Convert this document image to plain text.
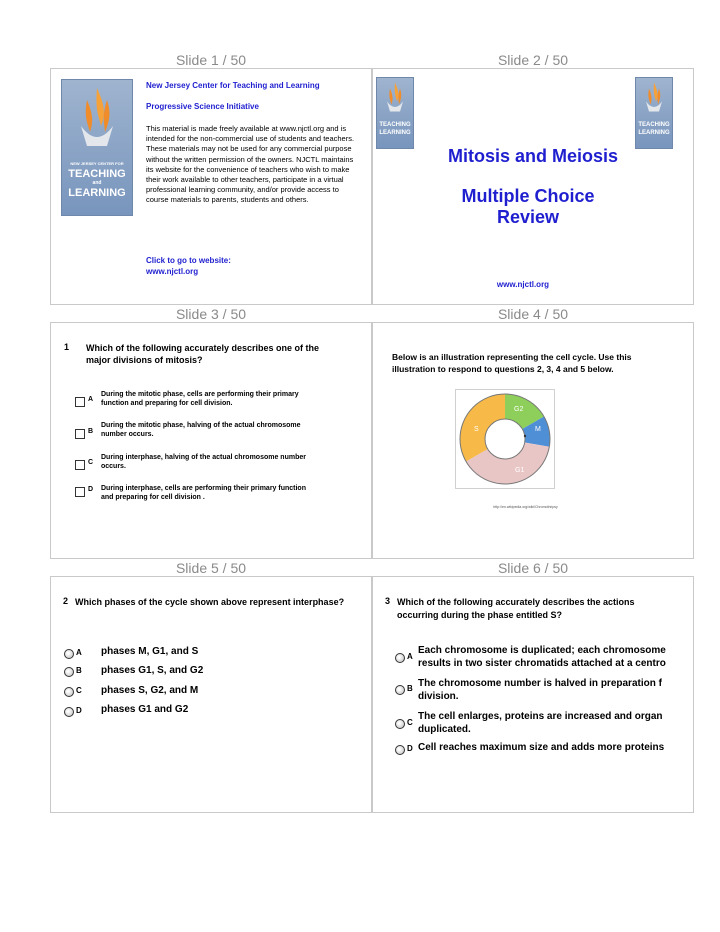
Slide 1 / 50	Slide 2 / 50
Slide 3 / 50	Slide 4 / 50
Slide 5 / 50	Slide 6 / 50
NEW JERSEY CENTER FOR
TEACHING
and
LEARNING
New Jersey Center for Teaching and Learning
Progressive Science Initiative
This material is made freely available at www.njctl.org and is intended for the non-commercial use of students and teachers. These materials may not be used for any commercial purpose without the written permission of the owners. NJCTL maintains its website for the convenience of teachers who wish to make their work available to other teachers, participate in a virtual professional learning community, and/or provide access to course materials to parents, students and others.
Click to go to website:
www.njctl.org
TEACHING
LEARNING
TEACHING
LEARNING
Mitosis and Meiosis
Multiple Choice
Review
www.njctl.org
1 Which of the following accurately describes one of the major divisions of mitosis?
A
During the mitotic phase, cells are performing their primary function and preparing for cell division.
B
During the mitotic phase, halving of the actual chromosome number occurs.
C
During interphase, halving of the actual chromosome number occurs.
D During interphase, cells are performing their primary function and preparing for cell division .
Below is an illustration representing the cell cycle. Use this illustration to respond to questions 2, 3, 4 and 5 below.
G2
S	M
G1
http://en.wikipedia.org/wiki/Chromothripsy
2 Which phases of the cycle shown above represent interphase?
A phases M, G1, and S
B phases G1, S, and G2
C phases S, G2, and M
D phases G1 and G2
3 Which of the following accurately describes the actions occurring during the phase entitled S?
A
Each chromosome is duplicated; each chromosome
results in two sister chromatids attached at a centro
B The chromosome number is halved in preparation f
division.
C
The cell enlarges, proteins are increased and organ
duplicated.
D Cell reaches maximum size and adds more proteins
